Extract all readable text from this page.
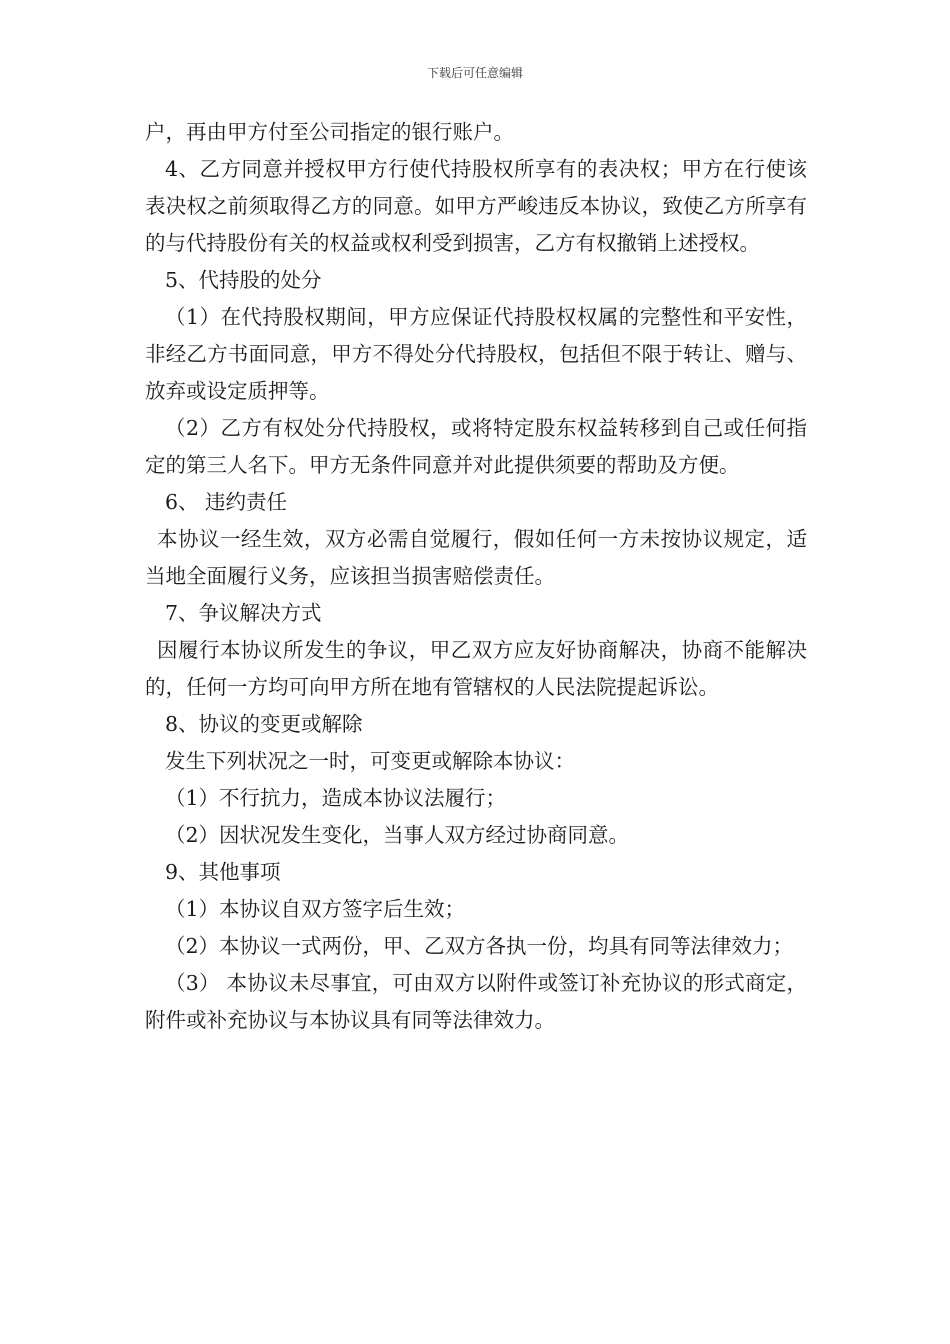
下载后可任意编辑

户，再由甲方付至公司指定的银行账户。

4、乙方同意并授权甲方行使代持股权所享有的表决权；甲方在行使该表决权之前须取得乙方的同意。如甲方严峻违反本协议，致使乙方所享有的与代持股份有关的权益或权利受到损害，乙方有权撤销上述授权。

5、代持股的处分

（1）在代持股权期间，甲方应保证代持股权权属的完整性和平安性，非经乙方书面同意，甲方不得处分代持股权，包括但不限于转让、赠与、放弃或设定质押等。

（2）乙方有权处分代持股权，或将特定股东权益转移到自己或任何指定的第三人名下。甲方无条件同意并对此提供须要的帮助及方便。

6、 违约责任

本协议一经生效，双方必需自觉履行，假如任何一方未按协议规定，适当地全面履行义务，应该担当损害赔偿责任。

7、争议解决方式

因履行本协议所发生的争议，甲乙双方应友好协商解决，协商不能解决的，任何一方均可向甲方所在地有管辖权的人民法院提起诉讼。

8、协议的变更或解除

发生下列状况之一时，可变更或解除本协议：

（1）不行抗力，造成本协议法履行；

（2）因状况发生变化，当事人双方经过协商同意。

9、其他事项

（1）本协议自双方签字后生效；

（2）本协议一式两份，甲、乙双方各执一份，均具有同等法律效力；

（3） 本协议未尽事宜，可由双方以附件或签订补充协议的形式商定，附件或补充协议与本协议具有同等法律效力。
